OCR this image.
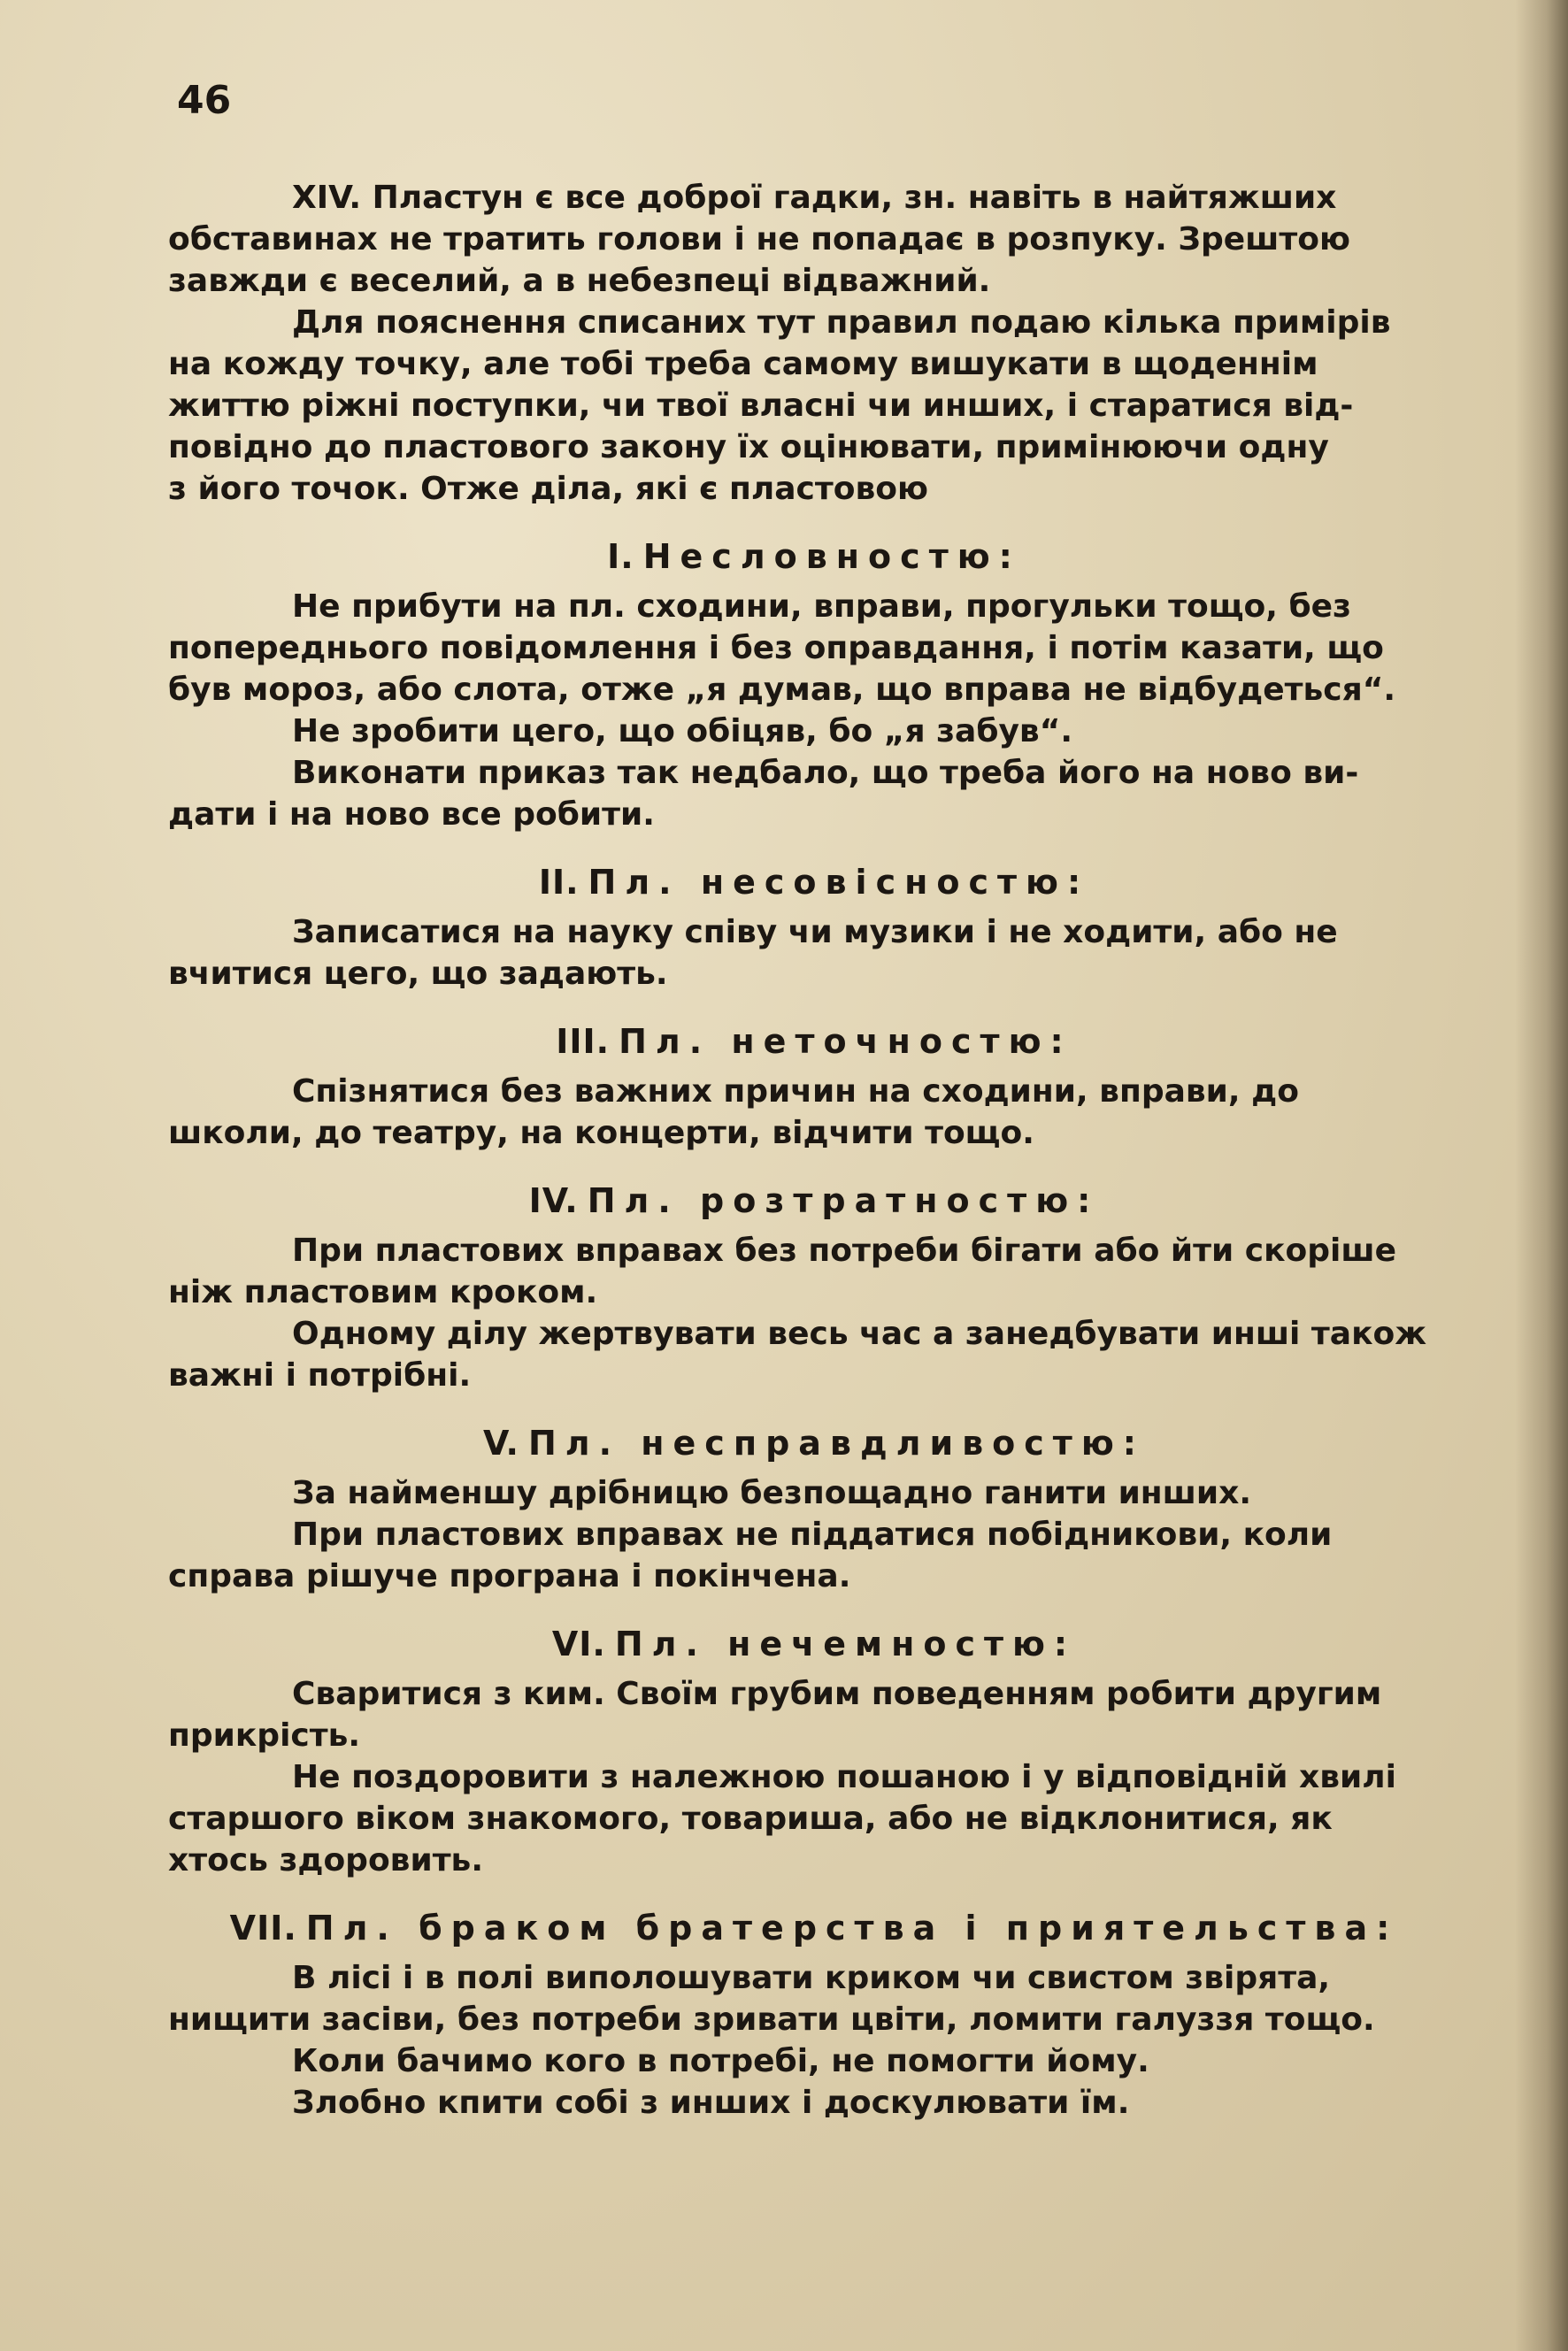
46

XIV. Пластун є все доброї гадки, зн. навіть в найтяжших

обставинах не тратить голови і не попадає в розпуку. Зрештою

завжди є веселий, а в небезпеці відважний.

Для пояснення списаних тут правил подаю кілька примірів

на кожду точку, але тобі треба самому вишукати в щоденнім

життю ріжні поступки, чи твої власні чи инших, і старатися від-

повідно до пластового закону їх оцінювати, примінюючи одну

з його точок. Отже діла, які є пластовою

I. Несловностю:

Не прибути на пл. сходини, вправи, прогульки тощо, без

попереднього повідомлення і без оправдання, і потім казати, що

був мороз, або слота, отже „я думав, що вправа не відбудеться“.

Не зробити цего, що обіцяв, бо „я забув“.

Виконати приказ так недбало, що треба його на ново ви-

дати і на ново все робити.

II. Пл. несовісностю:

Записатися на науку співу чи музики і не ходити, або не

вчитися цего, що задають.

III. Пл. неточностю:

Спізнятися без важних причин на сходини, вправи, до

школи, до театру, на концерти, відчити тощо.

IV. Пл. розтратностю:

При пластових вправах без потреби бігати або йти скоріше

ніж пластовим кроком.

Одному ділу жертвувати весь час а занедбувати инші також

важні і потрібні.

V. Пл. несправдливостю:

За найменшу дрібницю безпощадно ганити инших.

При пластових вправах не піддатися побідникови, коли

справа рішуче програна і покінчена.

VI. Пл. нечемностю:

Сваритися з ким. Своїм грубим поведенням робити другим

прикрість.

Не поздоровити з належною пошаною і у відповідній хвилі

старшого віком знакомого, товариша, або не відклонитися, як

хтось здоровить.

VII. Пл. браком братерства і приятельства:

В лісі і в полі виполошувати криком чи свистом звірята,

нищити засіви, без потреби зривати цвіти, ломити галуззя тощо.

Коли бачимо кого в потребі, не помогти йому.

Злобно кпити собі з инших і доскулювати їм.
